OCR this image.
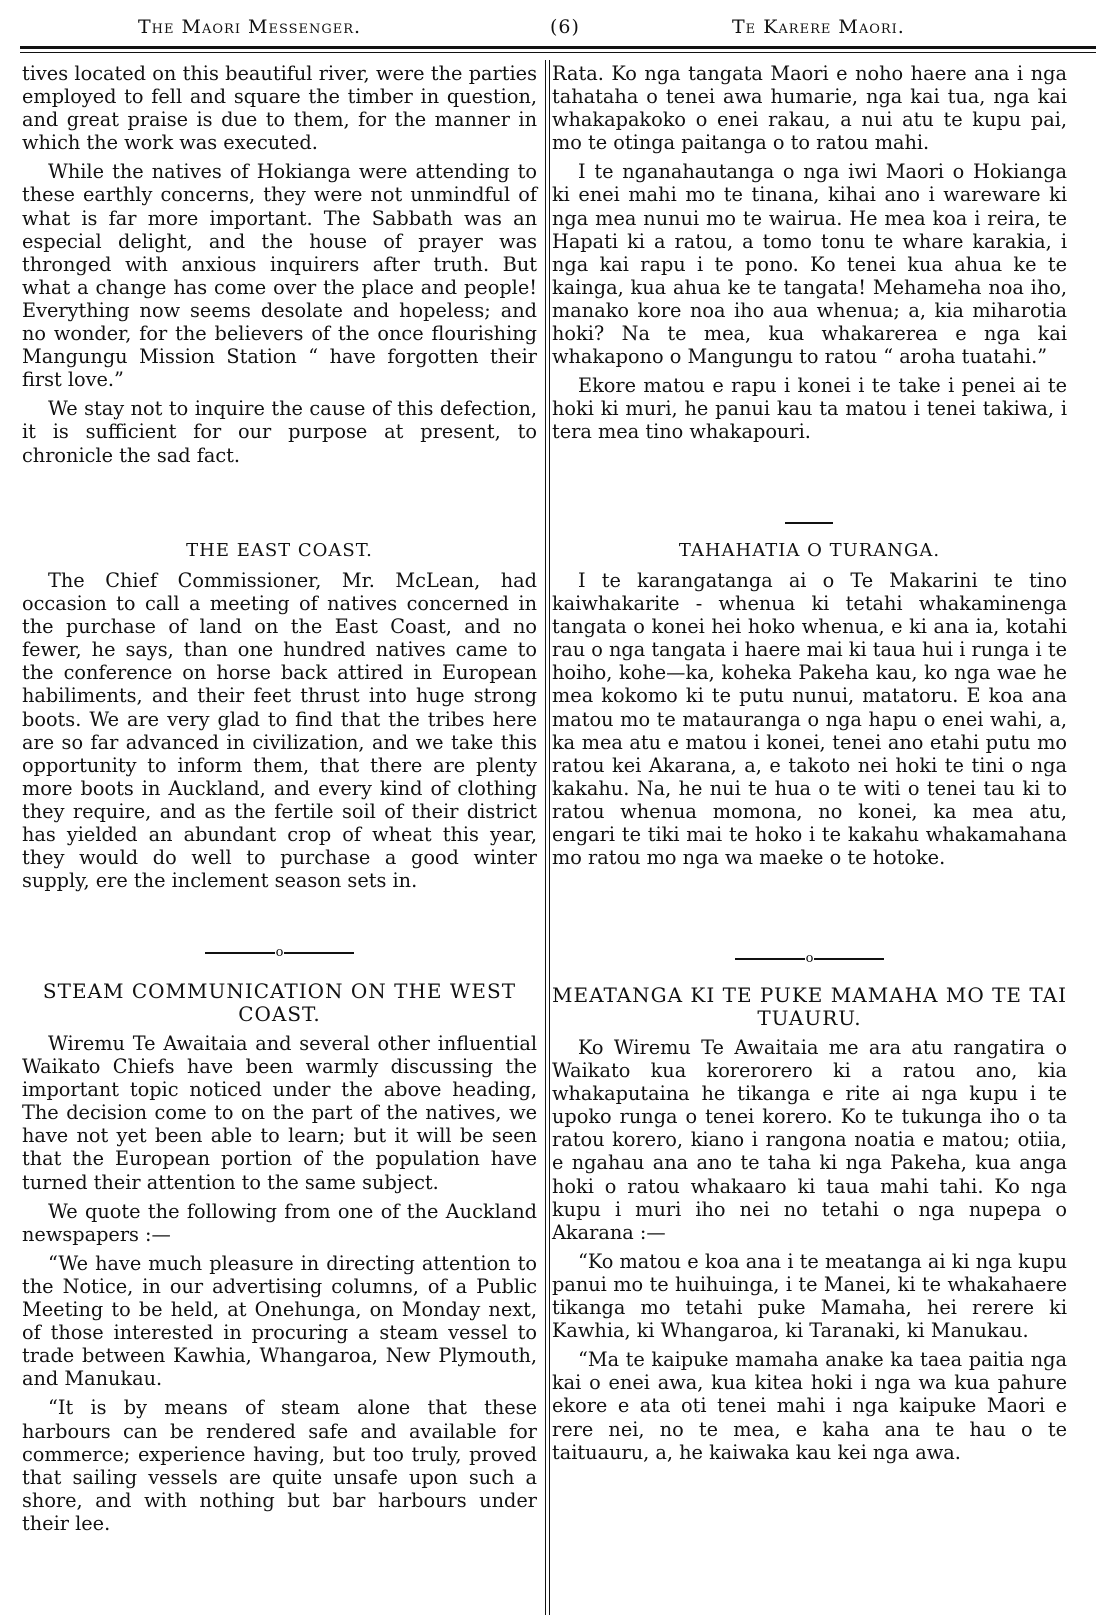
The Maori Messenger.	(6)	Te Karere Maori.

tives located on this beautiful river, were the parties employed to fell and square the timber in question, and great praise is due to them, for the manner in which the work was executed.

While the natives of Hokianga were attending to these earthly concerns, they were not unmindful of what is far more important. The Sabbath was an especial delight, and the house of prayer was thronged with anxious inquirers after truth. But what a change has come over the place and people! Everything now seems desolate and hopeless; and no wonder, for the believers of the once flourishing Mangungu Mission Station “ have forgotten their first love.”

We stay not to inquire the cause of this defection, it is sufficient for our purpose at present, to chronicle the sad fact.

THE EAST COAST.

The Chief Commissioner, Mr. McLean, had occasion to call a meeting of natives concerned in the purchase of land on the East Coast, and no fewer, he says, than one hundred natives came to the conference on horse back attired in European habiliments, and their feet thrust into huge strong boots. We are very glad to find that the tribes here are so far advanced in civilization, and we take this opportunity to inform them, that there are plenty more boots in Auckland, and every kind of clothing they require, and as the fertile soil of their district has yielded an abundant crop of wheat this year, they would do well to purchase a good winter supply, ere the inclement season sets in.

o
STEAM COMMUNICATION ON THE WEST COAST.

Wiremu Te Awaitaia and several other influential Waikato Chiefs have been warmly discussing the important topic noticed under the above heading, The decision come to on the part of the natives, we have not yet been able to learn; but it will be seen that the European portion of the population have turned their attention to the same subject.

We quote the following from one of the Auckland newspapers :—

“We have much pleasure in directing attention to the Notice, in our advertising columns, of a Public Meeting to be held, at Onehunga, on Monday next, of those interested in procuring a steam vessel to trade between Kawhia, Whangaroa, New Plymouth, and Manukau.

“It is by means of steam alone that these harbours can be rendered safe and available for commerce; experience having, but too truly, proved that sailing vessels are quite unsafe upon such a shore, and with nothing but bar harbours under their lee.

Rata. Ko nga tangata Maori e noho haere ana i nga tahataha o tenei awa humarie, nga kai tua, nga kai whakapakoko o enei rakau, a nui atu te kupu pai, mo te otinga paitanga o to ratou mahi.

I te nganahautanga o nga iwi Maori o Hokianga ki enei mahi mo te tinana, kihai ano i wareware ki nga mea nunui mo te wairua. He mea koa i reira, te Hapati ki a ratou, a tomo tonu te whare karakia, i nga kai rapu i te pono. Ko tenei kua ahua ke te kainga, kua ahua ke te tangata! Mehameha noa iho, manako kore noa iho aua whenua; a, kia miharotia hoki? Na te mea, kua whakarerea e nga kai whakapono o Mangungu to ratou “ aroha tuatahi.”

Ekore matou e rapu i konei i te take i penei ai te hoki ki muri, he panui kau ta matou i tenei takiwa, i tera mea tino whakapouri.

TAHAHATIA O TURANGA.

I te karangatanga ai o Te Makarini te tino kaiwhakarite - whenua ki tetahi whakaminenga tangata o konei hei hoko whenua, e ki ana ia, kotahi rau o nga tangata i haere mai ki taua hui i runga i te hoiho, kohe—ka, koheka Pakeha kau, ko nga wae he mea kokomo ki te putu nunui, matatoru. E koa ana matou mo te matauranga o nga hapu o enei wahi, a, ka mea atu e matou i konei, tenei ano etahi putu mo ratou kei Akarana, a, e takoto nei hoki te tini o nga kakahu. Na, he nui te hua o te witi o tenei tau ki to ratou whenua momona, no konei, ka mea atu, engari te tiki mai te hoko i te kakahu whakamahana mo ratou mo nga wa maeke o te hotoke.

o
MEATANGA KI TE PUKE MAMAHA MO TE TAI TUAURU.

Ko Wiremu Te Awaitaia me ara atu rangatira o Waikato kua korerorero ki a ratou ano, kia whakaputaina he tikanga e rite ai nga kupu i te upoko runga o tenei korero. Ko te tukunga iho o ta ratou korero, kiano i rangona noatia e matou; otiia, e ngahau ana ano te taha ki nga Pakeha, kua anga hoki o ratou whakaaro ki taua mahi tahi. Ko nga kupu i muri iho nei no tetahi o nga nupepa o Akarana :—

“Ko matou e koa ana i te meatanga ai ki nga kupu panui mo te huihuinga, i te Manei, ki te whakahaere tikanga mo tetahi puke Mamaha, hei rerere ki Kawhia, ki Whangaroa, ki Taranaki, ki Manukau.

“Ma te kaipuke mamaha anake ka taea paitia nga kai o enei awa, kua kitea hoki i nga wa kua pahure ekore e ata oti tenei mahi i nga kaipuke Maori e rere nei, no te mea, e kaha ana te hau o te taituauru, a, he kaiwaka kau kei nga awa.
